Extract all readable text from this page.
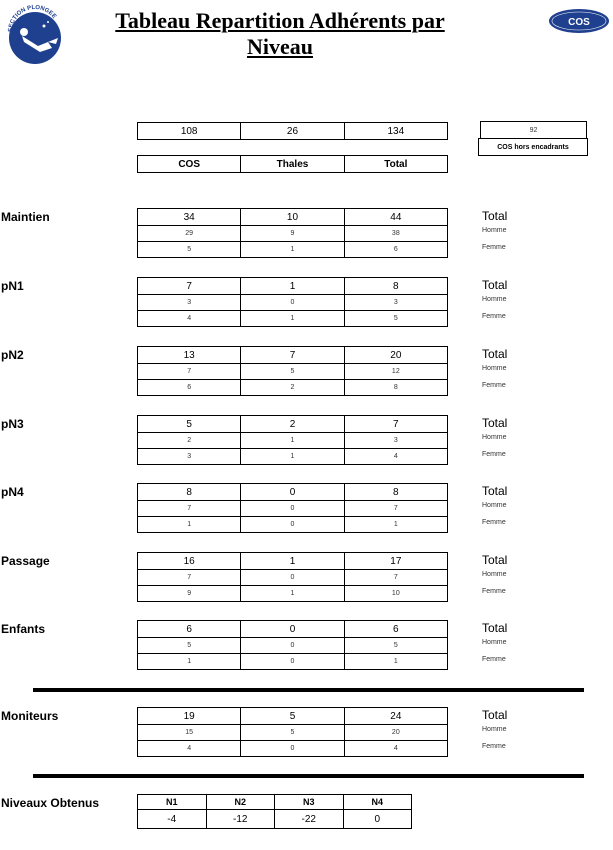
Tableau Repartition Adhérents par
Niveau
SECTION PLONGEE
COS
108	26	134
COS	Thales	Total
92
COS hors encadrants
Maintien	34	10	44
29	9	38
5	1	6
Total
Homme
Femme
pN1	7	1	8
3	0	3
4	1	5
Total
Homme
Femme
pN2	13	7	20
7	5	12
6	2	8
Total
Homme
Femme
pN3	5	2	7
2	1	3
3	1	4
Total
Homme
Femme
pN4	8	0	8
7	0	7
1	0	1
Total
Homme
Femme
Passage	16	1	17
7	0	7
9	1	10
Total
Homme
Femme
Enfants	6	0	6
5	0	5
1	0	1
Total
Homme
Femme
Moniteurs	19	5	24
15	5	20
4	0	4
Total
Homme
Femme
Niveaux Obtenus	N1	N2	N3	N4
-4	-12	-22	0
